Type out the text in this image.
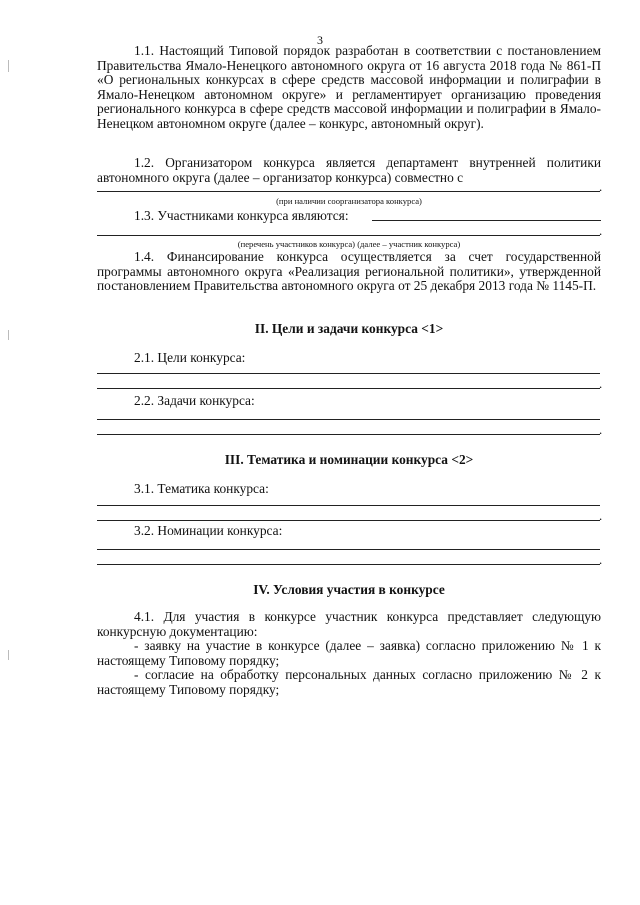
3
1.1. Настоящий Типовой порядок разработан в соответствии с постановлением Правительства Ямало-Ненецкого автономного округа от 16 августа 2018 года № 861-П «О региональных конкурсах в сфере средств массовой информации и полиграфии в Ямало-Ненецком автономном округе» и регламентирует организацию проведения регионального конкурса в сфере средств массовой информации и полиграфии в Ямало-Ненецком автономном округе (далее – конкурс, автономный округ).
1.2. Организатором конкурса является департамент внутренней политики автономного округа (далее – организатор конкурса) совместно с
.
(при наличии соорганизатора конкурса)
1.3. Участниками конкурса являются:
.
(перечень участников конкурса) (далее – участник конкурса)
1.4. Финансирование конкурса осуществляется за счет государственной программы автономного округа «Реализация региональной политики», утвержденной постановлением Правительства автономного округа от 25 декабря 2013 года № 1145-П.
II. Цели и задачи конкурса <1>
2.1. Цели конкурса:
.
2.2. Задачи конкурса:
.
III. Тематика и номинации конкурса <2>
3.1. Тематика конкурса:
.
3.2. Номинации конкурса:
.
IV. Условия участия в конкурсе
4.1. Для участия в конкурсе участник конкурса представляет следующую конкурсную документацию:
- заявку на участие в конкурсе (далее – заявка) согласно приложению № 1 к настоящему Типовому порядку;
- согласие на обработку персональных данных согласно приложению № 2 к настоящему Типовому порядку;
